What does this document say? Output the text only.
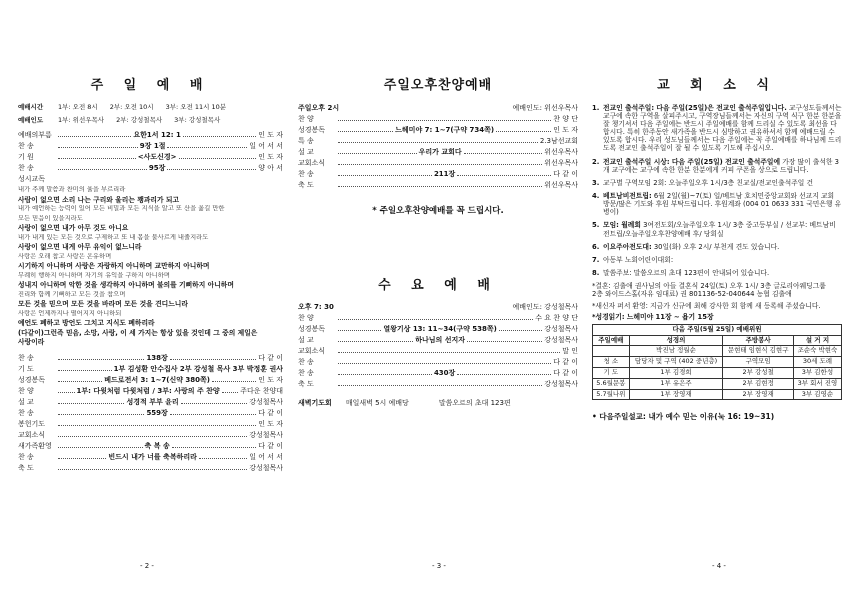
주 일 예 배
예배시간	1부: 오전 8시 2부: 오전 10시 3부: 오전 11시 10분
예배인도	1부: 위선우목사 2부: 강성철목사 3부: 강성철목사
예배의부름	요한1서 12: 1	인 도 자
찬 송	9장 1절	일 어 서 서
기 원	<사도신경>	인 도 자
찬 송	95장	양 아 서
성시교독
내가 주께 말씀과 찬미의 율을 부르리라
사람이 없으면 소리 나는 구리와 울리는 꽹과리가 되고
내가 예언하는 능력이 있어 모든 비밀과 모든 지식을 알고 또 산을 옮길 만한
모든 믿음이 있을지라도
사랑이 없으면 내가 아무 것도 아니요
내가 내게 있는 모든 것으로 구제하고 또 내 몸을 불사르게 내줄지라도
사랑이 없으면 내게 아무 유익이 없느니라
사랑은 오래 참고 사랑은 온유하며
시기하지 아니하며 사랑은 자랑하지 아니하며 교만하지 아니하며
무례히 행하지 아니하며 자기의 유익을 구하지 아니하며
성내지 아니하며 악한 것을 생각하지 아니하며 불의를 기뻐하지 아니하며
진리와 함께 기뻐하고 모든 것을 참으며
모든 것을 믿으며 모든 것을 바라며 모든 것을 견디느니라
사랑은 언제까지나 떨어지지 아니하되
예언도 폐하고 방언도 그치고 지식도 폐하리라
(다같이)그런즉 믿음, 소망, 사랑, 이 세 가지는 항상 있을 것인데 그 중의 제일은
사랑이라
찬 송	138장	다 같 이
기 도	1부 김성환 안수집사 2부 강성철 목사 3부 박정훈 권사
성경봉독	베드로전서 3: 1~7(신약 380쪽)	인 도 자
찬 양	1부: 다윗처럼 다윗처럼 / 3부: 사랑의 주 찬양	주다운 찬양대
설 교	성경적 부부 윤리	강성철목사
찬 송	559장	다 같 이
봉헌기도	인 도 자
교회소식	강성철목사
새가족환영	축 복 송	다 같 이
찬 송	빈드시 내가 너를 축복하리라	일 어 서 서
축 도	강성철목사
- 2 -
주일오후찬양예배
주일오후 2시	예배인도: 위선우목사
찬 양	찬 양 단
성경봉독	느헤미야 7: 1~7(구약 734쪽)	인 도 자
특 송	2.3남선교회
설 교	우리가 교회다	위선우목사
교회소식	위선우목사
찬 송	211장	다 같 이
축 도	위선우목사
* 주일오후찬양예배를 꼭 드립시다.
수 요 예 배
오후 7: 30	예배인도: 강성철목사
찬 양	수 요 찬 양 단
성경봉독	열왕기상 13: 11~34(구약 538쪽)	강성철목사
설 교	하나님의 선지자	강성철목사
교회소식	말 인
찬 송	다 같 이
찬 송	430장	다 같 이
축 도	강성철목사
새벽기도회 매일새벽 5시 예배당	말씀오르의 초대 123편
- 3 -
교 회 소 식
1. 전교인 출석주일: 다음 주일(25일)은 전교인 출석주일입니다. 교구성도들께서는 교구에 속한 구역을 살피주시고, 구역장님들께서는 자신의 구역 식구 한분 한분을 잘 챙기셔서 다음 주일에는 반드시 주일예배를 함께 드리실 수 있도록 최선을 다합시다. 특히 한주동안 새가족을 반드시 심방하고 권유하셔서 함께 예배드릴 수 있도록 합시다. 우리 성도님들께서는 다음 주일에는 꼭 주일예배를 하나님께 드리도록 전교인 출석주일이 잘 될 수 있도록 기도해 주십시오.
2. 전교인 출석주일 시상: 다음 주일(25일) 전교인 출석주일에 가장 많이 출석한 3개 교구에는 교구에 속한 한분 한분에게 커피 쿠폰을 상으로 드립니다.
3. 교구별 구역모임 2회: 오늘주일오후 1시/3층 친교실/전교인출석주일 건
4. 베트남비전트립: 6월 2일(월)~7(토) 일/베트남 호치민중앙교회와 선교지 교회 방문/많은 기도와 후원 부탁드립니다. 후원계좌 (004 01 0633 331 국민은행 유병이)
5. 모임: 월례회 3여전도회/오늘주일오후 1시/ 3층 중고등부실 / 선교부: 베트남비전트립/오늘주일오후찬양예배 후/ 당회실
6. 이요주아전도대: 30일(화) 오후 2시/ 부천게 견도 있습니다.
7. 아동부 노회어린이대회:
8. 말씀주보: 말씀오르의 초대 123편이 안내되어 있습니다.
*결혼: 김출애 권사님의 아들 결혼식 24일(토) 오후 1시/ 3층 글로리아웨딩그룹
2층 와이드스홀(자유 임대료) 권 801136-52-040644 농협 김출애
*새신자 퍼서 환영: 지금가 신규에 최해 강사한 회 함께 새 등록해 주셨습니다.
*성경읽기: 느헤미야 11장 ~ 욥기 15장
다음 주일(5월 25일) 예배위원			
주일예배	성경의	주방봉사	설 거 지
	박진남 정월순	문현태 임현식 김현구	조순숙 박현숙
청 소	담당자 및 구역 (402 중년층)	구역모임	30세 도례
기 도	1부 김경희	2부 강성철	3부 김한성
5.6월문봉	1부 유은주	2부 김현정	3부 회서 진영
5.7월나위	1부 장영재	2부 장영재	3부 김영순
• 다음주일설교: 내가 예수 믿는 이유(눅 16: 19~31)
- 4 -
